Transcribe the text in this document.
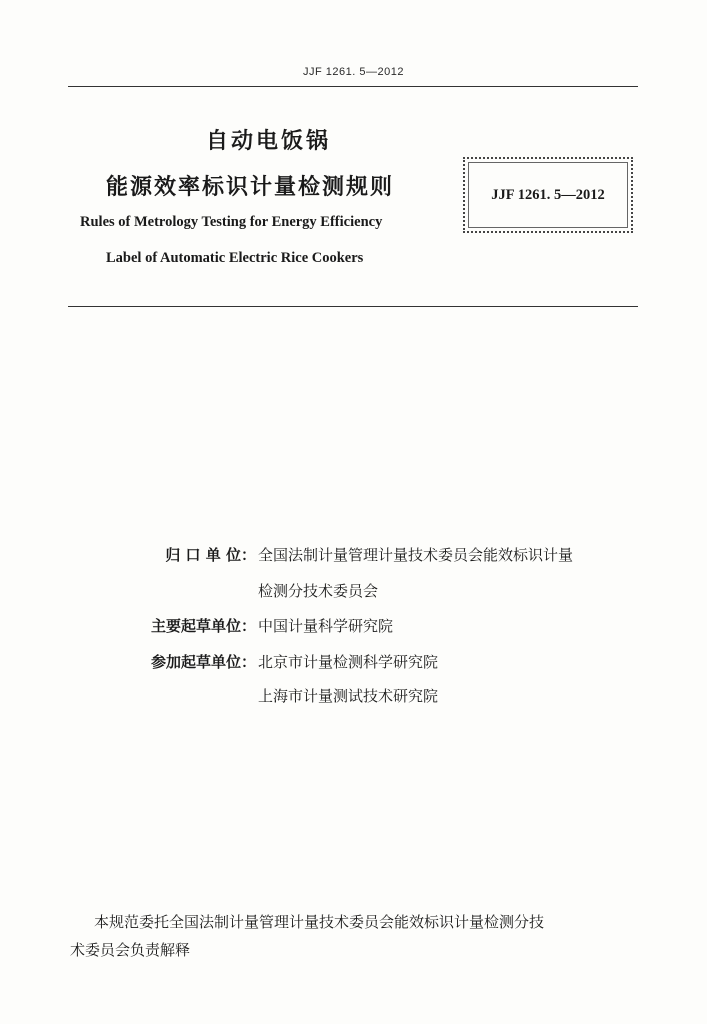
JJF 1261. 5—2012
自动电饭锅
能源效率标识计量检测规则
Rules of Metrology Testing for Energy Efficiency
Label of Automatic Electric Rice Cookers
JJF 1261. 5—2012
归 口 单 位： 全国法制计量管理计量技术委员会能效标识计量
检测分技术委员会
主要起草单位： 中国计量科学研究院
参加起草单位： 北京市计量检测科学研究院
上海市计量测试技术研究院
本规范委托全国法制计量管理计量技术委员会能效标识计量检测分技
术委员会负责解释
